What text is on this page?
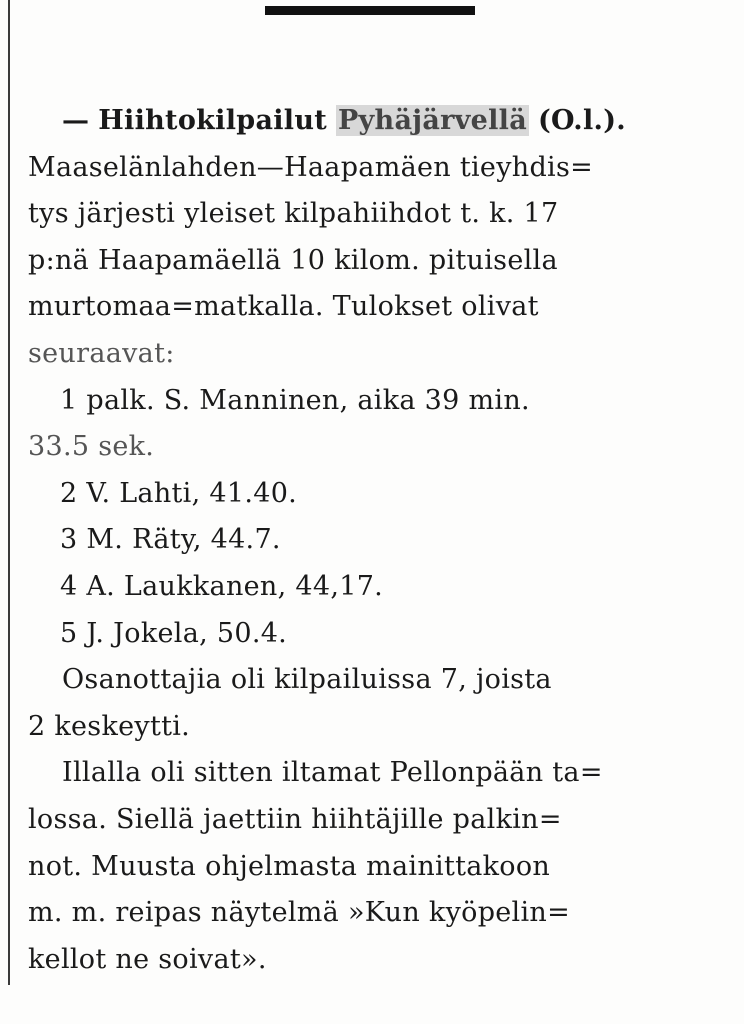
— Hiihtokilpailut Pyhäjärvellä (O.l.).
Maaselänlahden—Haapamäen tieyhdis=
tys järjesti yleiset kilpahiihdot t. k. 17
p:nä Haapamäellä 10 kilom. pituisella
murtomaa=matkalla. Tulokset olivat
seuraavat:
1 palk. S. Manninen, aika 39 min.
33.5 sek.
2 V. Lahti, 41.40.
3 M. Räty, 44.7.
4 A. Laukkanen, 44,17.
5 J. Jokela, 50.4.
Osanottajia oli kilpailuissa 7, joista
2 keskeytti.
Illalla oli sitten iltamat Pellonpään ta=
lossa. Siellä jaettiin hiihtäjille palkin=
not. Muusta ohjelmasta mainittakoon
m. m. reipas näytelmä »Kun kyöpelin=
kellot ne soivat».
